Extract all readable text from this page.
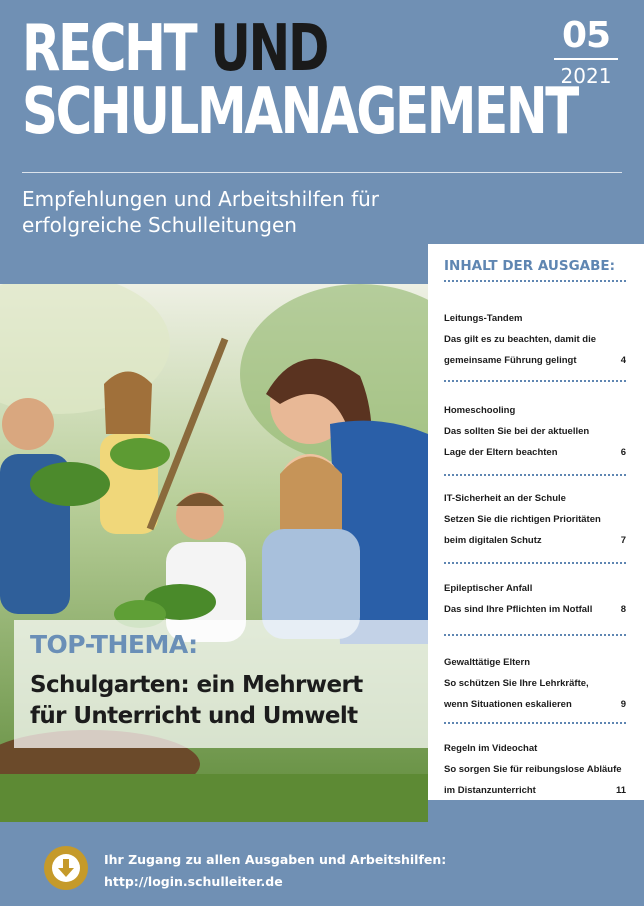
RECHT UND
SCHULMANAGEMENT
05
2021
Empfehlungen und Arbeitshilfen für
erfolgreiche Schulleitungen
TOP-THEMA:
Schulgarten: ein Mehrwert
für Unterricht und Umwelt
INHALT DER AUSGABE:
Leitungs-Tandem
Das gilt es zu beachten, damit die
gemeinsame Führung gelingt	4
Homeschooling
Das sollten Sie bei der aktuellen
Lage der Eltern beachten	6
IT-Sicherheit an der Schule
Setzen Sie die richtigen Prioritäten
beim digitalen Schutz	7
Epileptischer Anfall
Das sind Ihre Pflichten im Notfall	8
Gewalttätige Eltern
So schützen Sie Ihre Lehrkräfte,
wenn Situationen eskalieren	9
Regeln im Videochat
So sorgen Sie für reibungslose Abläufe
im Distanzunterricht	11
Ihr Zugang zu allen Ausgaben und Arbeitshilfen:
http://login.schulleiter.de
